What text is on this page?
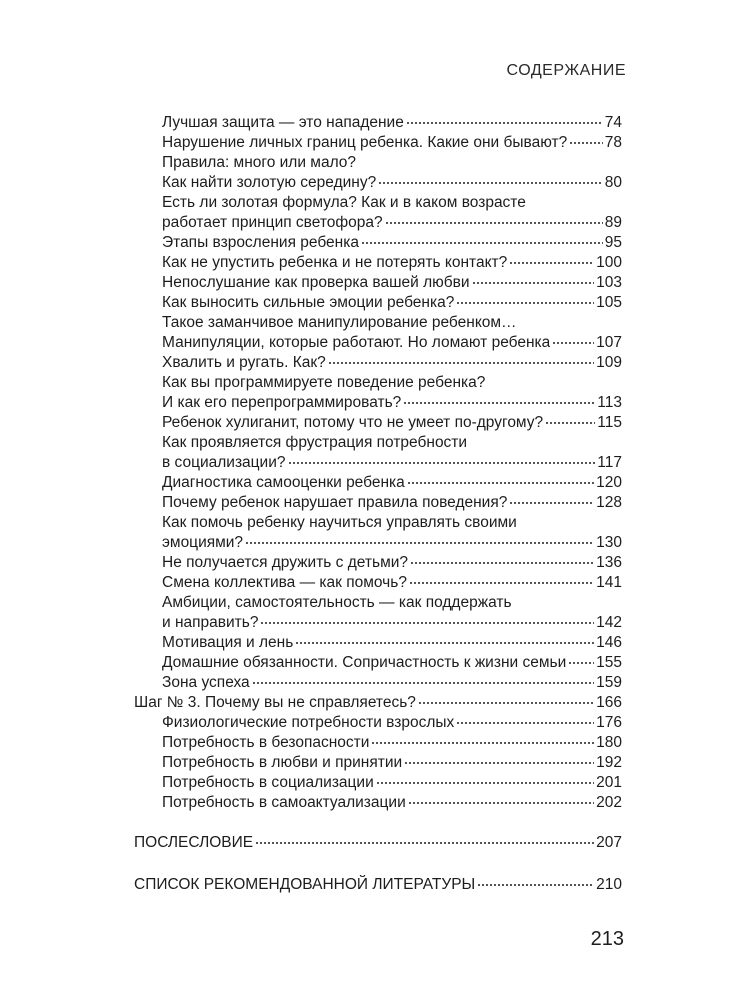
СОДЕРЖАНИЕ
Лучшая защита — это нападение	74
Нарушение личных границ ребенка. Какие они бывают? 78
Правила: много или мало?
Как найти золотую середину?	80
Есть ли золотая формула? Как и в каком возрасте
работает принцип светофора?	89
Этапы взросления ребенка	95
Как не упустить ребенка и не потерять контакт?	100
Непослушание как проверка вашей любви	103
Как выносить сильные эмоции ребенка?	105
Такое заманчивое манипулирование ребенком…
Манипуляции, которые работают. Но ломают ребенка	107
Хвалить и ругать. Как?	109
Как вы программируете поведение ребенка?
И как его перепрограммировать?	113
Ребенок хулиганит, потому что не умеет по-другому?	115
Как проявляется фрустрация потребности
в социализации?	117
Диагностика самооценки ребенка	120
Почему ребенок нарушает правила поведения?	128
Как помочь ребенку научиться управлять своими
эмоциями?	130
Не получается дружить с детьми?	136
Смена коллектива — как помочь?	141
Амбиции, самостоятельность — как поддержать
и направить?	142
Мотивация и лень	146
Домашние обязанности. Сопричастность к жизни семьи 155
Зона успеха	159
Шаг № 3. Почему вы не справляетесь?	166
Физиологические потребности взрослых	176
Потребность в безопасности	180
Потребность в любви и принятии	192
Потребность в социализации	201
Потребность в самоактуализации	202
ПОСЛЕСЛОВИЕ	207
СПИСОК РЕКОМЕНДОВАННОЙ ЛИТЕРАТУРЫ	210
213
